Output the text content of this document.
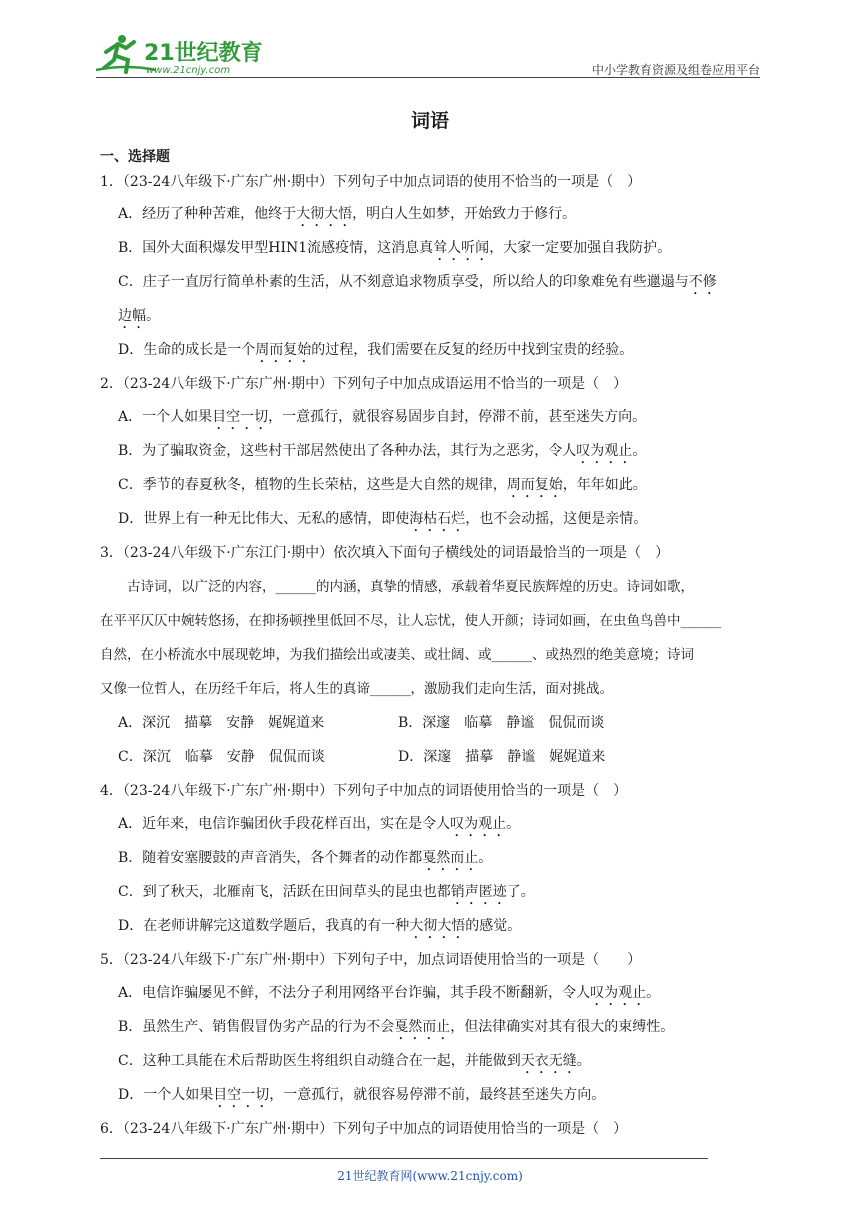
21世纪教育
www.21cnjy.com	中小学教育资源及组卷应用平台
词语
一、选择题
1．（23-24八年级下·广东广州·期中）下列句子中加点词语的使用不恰当的一项是（　）
A．经历了种种苦难，他终于大彻大悟，明白人生如梦，开始致力于修行。
B．国外大面积爆发甲型HIN1流感疫情，这消息真耸人听闻，大家一定要加强自我防护。
C．庄子一直厉行简单朴素的生活，从不刻意追求物质享受，所以给人的印象难免有些邋遢与不修
边幅。
D．生命的成长是一个周而复始的过程，我们需要在反复的经历中找到宝贵的经验。
2．（23-24八年级下·广东广州·期中）下列句子中加点成语运用不恰当的一项是（　）
A．一个人如果目空一切，一意孤行，就很容易固步自封，停滞不前，甚至迷失方向。
B．为了骗取资金，这些村干部居然使出了各种办法，其行为之恶劣，令人叹为观止。
C．季节的春夏秋冬，植物的生长荣枯，这些是大自然的规律，周而复始，年年如此。
D．世界上有一种无比伟大、无私的感情，即使海枯石烂，也不会动摇，这便是亲情。
3．（23-24八年级下·广东江门·期中）依次填入下面句子横线处的词语最恰当的一项是（　）
　　古诗词，以广泛的内容，______的内涵，真挚的情感，承载着华夏民族辉煌的历史。诗词如歌，
在平平仄仄中婉转悠扬，在抑扬顿挫里低回不尽，让人忘忧，使人开颜；诗词如画，在虫鱼鸟兽中______
自然，在小桥流水中展现乾坤，为我们描绘出或凄美、或壮阔、或______、或热烈的绝美意境；诗词
又像一位哲人，在历经千年后，将人生的真谛______，激励我们走向生活，面对挑战。
A．深沉　描摹　安静　娓娓道来	B．深邃　临摹　静谧　侃侃而谈
C．深沉　临摹　安静　侃侃而谈	D．深邃　描摹　静谧　娓娓道来
4．（23-24八年级下·广东广州·期中）下列句子中加点的词语使用恰当的一项是（　）
A．近年来，电信诈骗团伙手段花样百出，实在是令人叹为观止。
B．随着安塞腰鼓的声音消失，各个舞者的动作都戛然而止。
C．到了秋天，北雁南飞，活跃在田间草头的昆虫也都销声匿迹了。
D．在老师讲解完这道数学题后，我真的有一种大彻大悟的感觉。
5．（23-24八年级下·广东广州·期中）下列句子中，加点词语使用恰当的一项是（　　）
A．电信诈骗屡见不鲜，不法分子利用网络平台诈骗，其手段不断翻新，令人叹为观止。
B．虽然生产、销售假冒伪劣产品的行为不会戛然而止，但法律确实对其有很大的束缚性。
C．这种工具能在术后帮助医生将组织自动缝合在一起，并能做到天衣无缝。
D．一个人如果目空一切，一意孤行，就很容易停滞不前，最终甚至迷失方向。
6．（23-24八年级下·广东广州·期中）下列句子中加点的词语使用恰当的一项是（　）
21世纪教育网(www.21cnjy.com)
